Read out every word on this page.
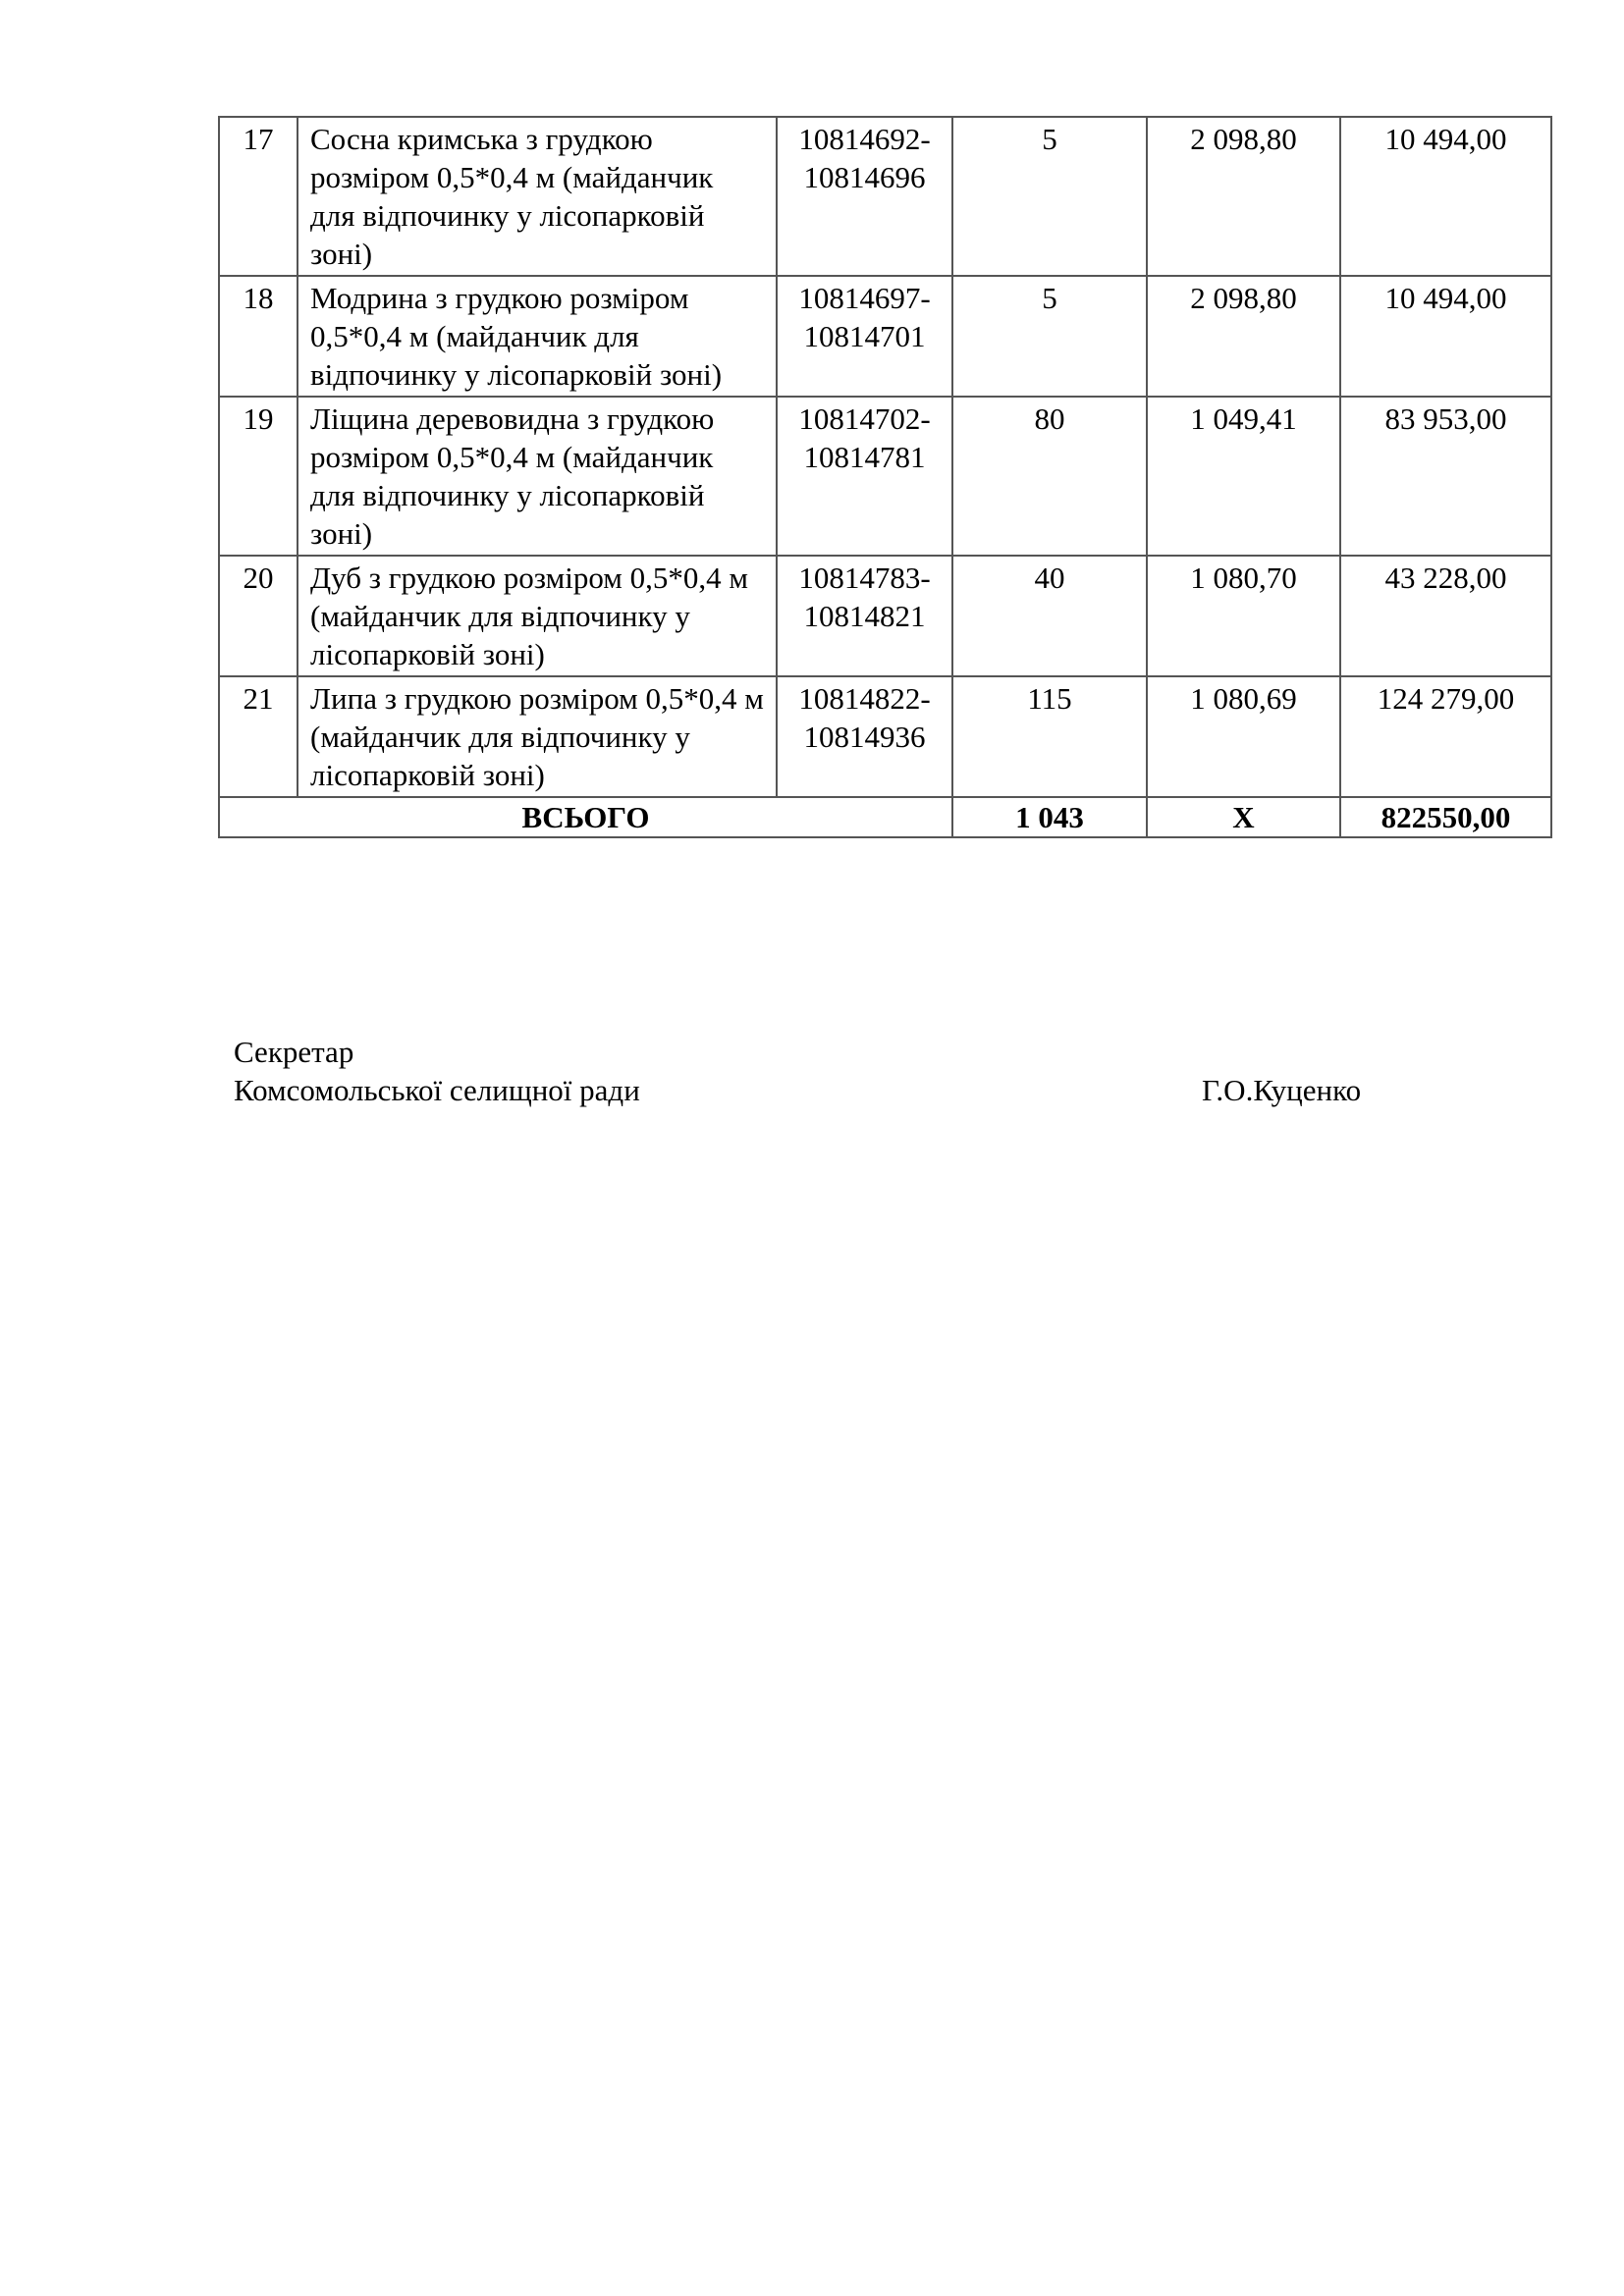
17	Сосна кримська з грудкою розміром 0,5*0,4 м (майданчик для відпочинку у лісопарковій зоні)	10814692-10814696	5	2 098,80	10 494,00
18	Модрина з грудкою розміром 0,5*0,4 м (майданчик для відпочинку у лісопарковій зоні)	10814697-10814701	5	2 098,80	10 494,00
19	Ліщина деревовидна з грудкою розміром 0,5*0,4 м (майданчик для відпочинку у лісопарковій зоні)	10814702-10814781	80	1 049,41	83 953,00
20	Дуб з грудкою розміром 0,5*0,4 м (майданчик для відпочинку у лісопарковій зоні)	10814783-10814821	40	1 080,70	43 228,00
21	Липа з грудкою розміром 0,5*0,4 м (майданчик для відпочинку у лісопарковій зоні)	10814822-10814936	115	1 080,69	124 279,00
ВСЬОГО			1 043	Х	822550,00
Секретар
Комсомольської селищної ради	Г.О.Куценко
